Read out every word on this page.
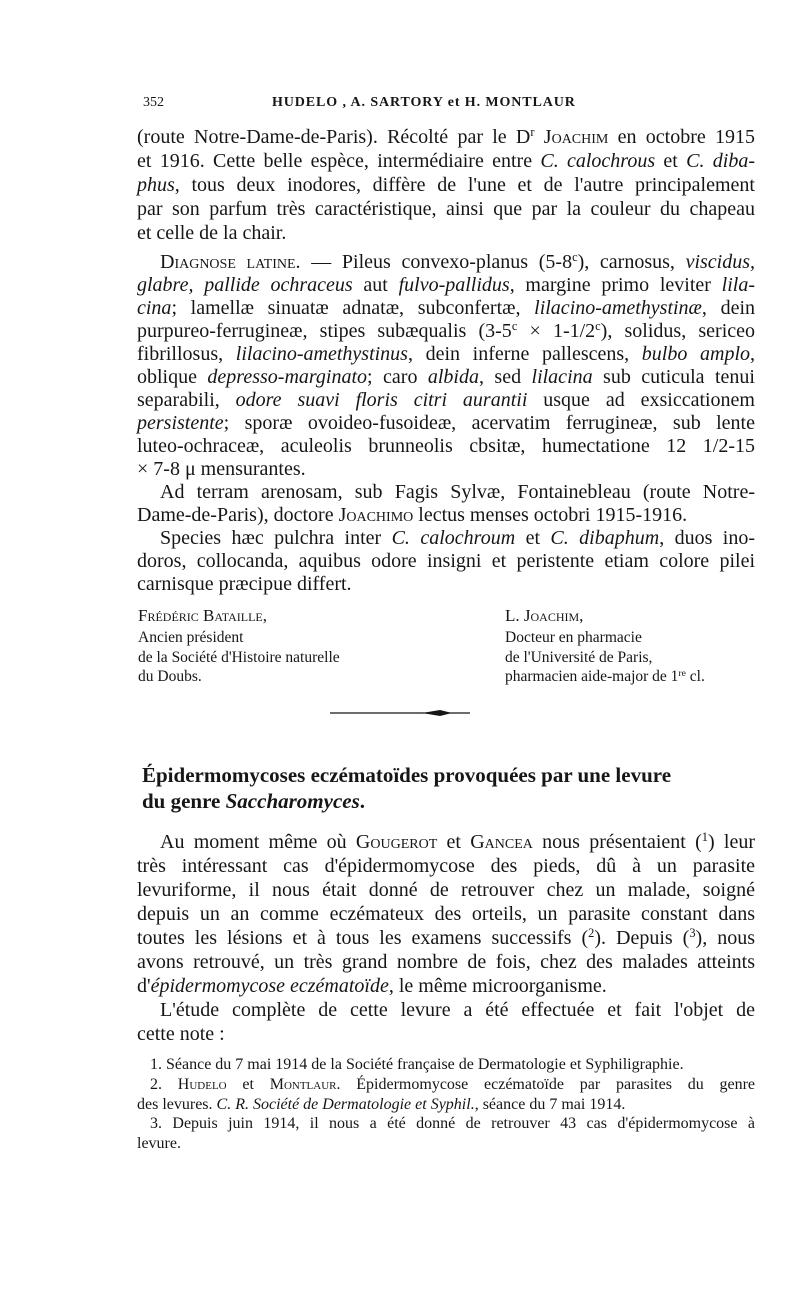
352	HUDELO , A. SARTORY et H. MONTLAUR
(route Notre-Dame-de-Paris). Récolté par le $D^r$ Joachim en octobre 1915
et 1916. Cette belle espèce, intermédiaire entre C. calochrous et C. diba-
phus, tous deux inodores, diffère de l'une et de l'autre principalement
par son parfum très caractéristique, ainsi que par la couleur du chapeau
et celle de la chair.
Diagnose latine. — Pileus convexo-planus (5-8$^c$), carnosus, viscidus,
glabre, pallide ochraceus aut fulvo-pallidus, margine primo leviter lila-
cina; lamellæ sinuatæ adnatæ, subconfertæ, lilacino-amethystinæ, dein
purpureo-ferrugineæ, stipes subæqualis $(3-5^c \times 1-1/2^c)$, solidus, sericeo
fibrillosus, lilacino-amethystinus, dein inferne pallescens, bulbo amplo,
oblique depresso-marginato; caro albida, sed lilacina sub cuticula tenui
separabili, odore suavi floris citri aurantii usque ad exsiccationem
persistente; sporæ ovoideo-fusoideæ, acervatim ferrugineæ, sub lente
luteo-ochraceæ, aculeolis brunneolis cbsitæ, humectatione 12 1/2-15
× 7-8 μ mensurantes.
Ad terram arenosam, sub Fagis Sylvæ, Fontainebleau (route Notre-
Dame-de-Paris), doctore Joachimo lectus menses octobri 1915-1916.
Species hæc pulchra inter C. calochroum et C. dibaphum, duos ino-
doros, collocanda, aquibus odore insigni et peristente etiam colore pilei
carnisque præcipue differt.
Frédéric Bataille,
Ancien président
de la Société d'Histoire naturelle
du Doubs.
L. Joachim,
Docteur en pharmacie
de l'Université de Paris,
pharmacien aide-major de 1re cl.
Épidermomycoses eczématoïdes provoquées par une levure
du genre Saccharomyces.
Au moment même où Gougerot et Gancea nous présentaient ($^1$) leur
très intéressant cas d'épidermomycose des pieds, dû à un parasite
levuriforme, il nous était donné de retrouver chez un malade, soigné
depuis un an comme eczémateux des orteils, un parasite constant dans
toutes les lésions et à tous les examens successifs ($^2$). Depuis ($^3$), nous
avons retrouvé, un très grand nombre de fois, chez des malades atteints
d'épidermomycose eczématoïde, le même microorganisme.
L'étude complète de cette levure a été effectuée et fait l'objet de
cette note :
1. Séance du 7 mai 1914 de la Société française de Dermatologie et Syphiligraphie.
2. Hudelo et Montlaur. Épidermomycose eczématoïde par parasites du genre
des levures. C. R. Société de Dermatologie et Syphil., séance du 7 mai 1914.
3. Depuis juin 1914, il nous a été donné de retrouver 43 cas d'épidermomycose à
levure.
